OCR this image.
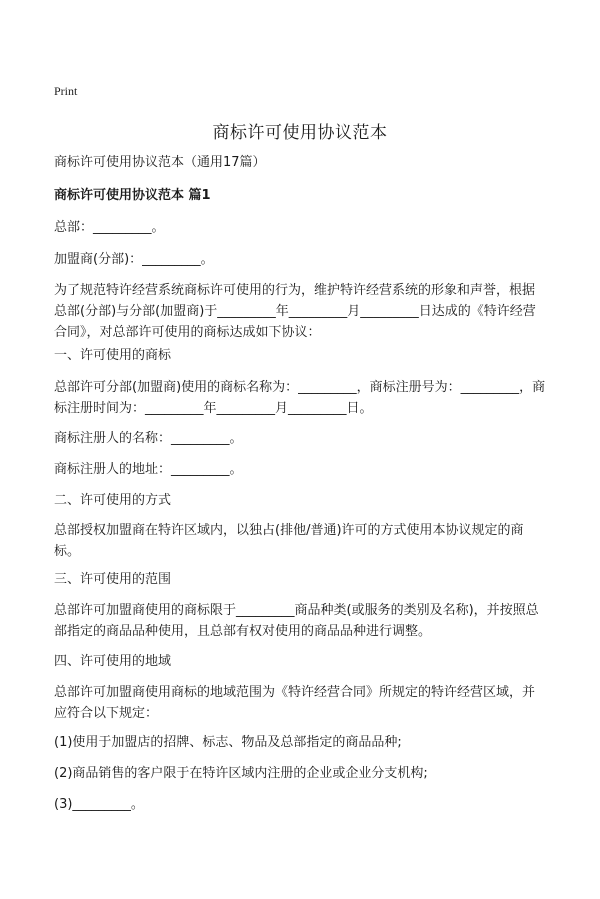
Print
商标许可使用协议范本
商标许可使用协议范本（通用17篇）
商标许可使用协议范本 篇1
总部：_________。
加盟商(分部)：_________。
为了规范特许经营系统商标许可使用的行为，维护特许经营系统的形象和声誉，根据总部(分部)与分部(加盟商)于_________年_________月_________日达成的《特许经营合同》，对总部许可使用的商标达成如下协议：
一、许可使用的商标
总部许可分部(加盟商)使用的商标名称为：_________，商标注册号为：_________，商标注册时间为：_________年_________月_________日。
商标注册人的名称：_________。
商标注册人的地址：_________。
二、许可使用的方式
总部授权加盟商在特许区域内，以独占(排他/普通)许可的方式使用本协议规定的商标。
三、许可使用的范围
总部许可加盟商使用的商标限于_________商品种类(或服务的类别及名称)，并按照总部指定的商品品种使用，且总部有权对使用的商品品种进行调整。
四、许可使用的地域
总部许可加盟商使用商标的地域范围为《特许经营合同》所规定的特许经营区域，并应符合以下规定：
(1)使用于加盟店的招牌、标志、物品及总部指定的商品品种;
(2)商品销售的客户限于在特许区域内注册的企业或企业分支机构;
(3)_________。
